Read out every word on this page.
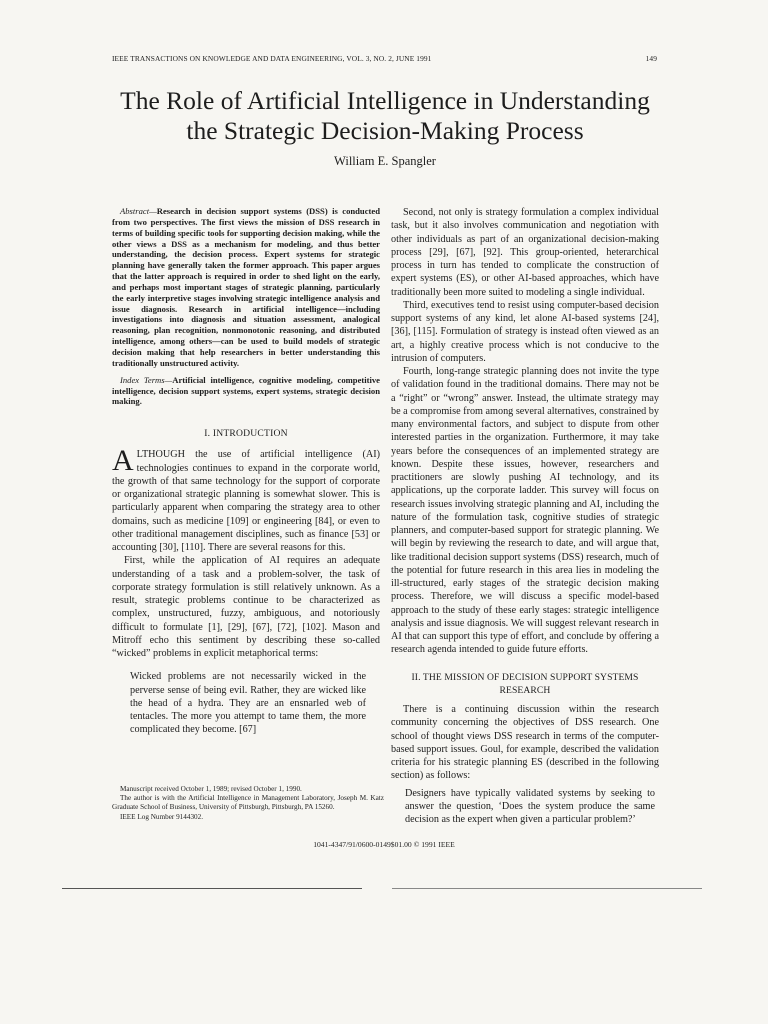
IEEE TRANSACTIONS ON KNOWLEDGE AND DATA ENGINEERING, VOL. 3, NO. 2, JUNE 1991	149
The Role of Artificial Intelligence in Understanding
the Strategic Decision-Making Process
William E. Spangler

Abstract—Research in decision support systems (DSS) is conducted from two perspectives. The first views the mission of DSS research in terms of building specific tools for supporting decision making, while the other views a DSS as a mechanism for modeling, and thus better understanding, the decision process. Expert systems for strategic planning have generally taken the former approach. This paper argues that the latter approach is required in order to shed light on the early, and perhaps most important stages of strategic planning, particularly the early interpretive stages involving strategic intelligence analysis and issue diagnosis. Research in artificial intelligence—including investigations into diagnosis and situation assessment, analogical reasoning, plan recognition, nonmonotonic reasoning, and distributed intelligence, among others—can be used to build models of strategic decision making that help researchers in better understanding this traditionally unstructured activity.

Index Terms—Artificial intelligence, cognitive modeling, competitive intelligence, decision support systems, expert systems, strategic decision making.

I. INTRODUCTION

ALTHOUGH the use of artificial intelligence (AI) technologies continues to expand in the corporate world, the growth of that same technology for the support of corporate or organizational strategic planning is somewhat slower. This is particularly apparent when comparing the strategy area to other domains, such as medicine [109] or engineering [84], or even to other traditional management disciplines, such as finance [53] or accounting [30], [110]. There are several reasons for this.

First, while the application of AI requires an adequate understanding of a task and a problem-solver, the task of corporate strategy formulation is still relatively unknown. As a result, strategic problems continue to be characterized as complex, unstructured, fuzzy, ambiguous, and notoriously difficult to formulate [1], [29], [67], [72], [102]. Mason and Mitroff echo this sentiment by describing these so-called “wicked” problems in explicit metaphorical terms:

Wicked problems are not necessarily wicked in the perverse sense of being evil. Rather, they are wicked like the head of a hydra. They are an ensnarled web of tentacles. The more you attempt to tame them, the more complicated they become. [67]

Second, not only is strategy formulation a complex individual task, but it also involves communication and negotiation with other individuals as part of an organizational decision-making process [29], [67], [92]. This group-oriented, heterarchical process in turn has tended to complicate the construction of expert systems (ES), or other AI-based approaches, which have traditionally been more suited to modeling a single individual.

Third, executives tend to resist using computer-based decision support systems of any kind, let alone AI-based systems [24], [36], [115]. Formulation of strategy is instead often viewed as an art, a highly creative process which is not conducive to the intrusion of computers.

Fourth, long-range strategic planning does not invite the type of validation found in the traditional domains. There may not be a “right” or “wrong” answer. Instead, the ultimate strategy may be a compromise from among several alternatives, constrained by many environmental factors, and subject to dispute from other interested parties in the organization. Furthermore, it may take years before the consequences of an implemented strategy are known. Despite these issues, however, researchers and practitioners are slowly pushing AI technology, and its applications, up the corporate ladder. This survey will focus on research issues involving strategic planning and AI, including the nature of the formulation task, cognitive studies of strategic planners, and computer-based support for strategic planning. We will begin by reviewing the research to date, and will argue that, like traditional decision support systems (DSS) research, much of the potential for future research in this area lies in modeling the ill-structured, early stages of the strategic decision making process. Therefore, we will discuss a specific model-based approach to the study of these early stages: strategic intelligence analysis and issue diagnosis. We will suggest relevant research in AI that can support this type of effort, and conclude by offering a research agenda intended to guide future efforts.

II. THE MISSION OF DECISION SUPPORT SYSTEMS RESEARCH

There is a continuing discussion within the research community concerning the objectives of DSS research. One school of thought views DSS research in terms of the computer-based support issues. Goul, for example, described the validation criteria for his strategic planning ES (described in the following section) as follows:

Designers have typically validated systems by seeking to answer the question, ‘Does the system produce the same decision as the expert when given a particular problem?’

Manuscript received October 1, 1989; revised October 1, 1990.

The author is with the Artificial Intelligence in Management Laboratory, Joseph M. Katz Graduate School of Business, University of Pittsburgh, Pittsburgh, PA 15260.

IEEE Log Number 9144302.

1041-4347/91/0600-0149$01.00 © 1991 IEEE
